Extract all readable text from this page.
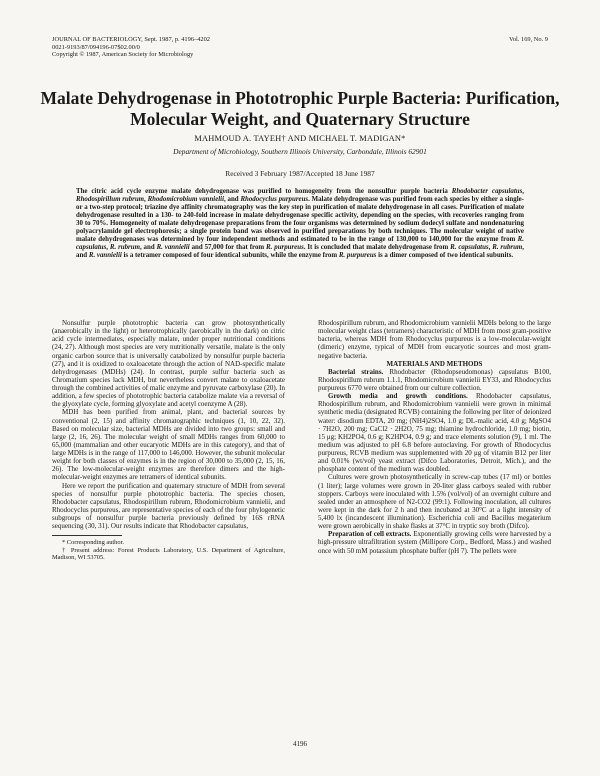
JOURNAL OF BACTERIOLOGY, Sept. 1987, p. 4196–4202
0021-9193/87/094196-07$02.00/0
Copyright © 1987, American Society for Microbiology
Vol. 169, No. 9
Malate Dehydrogenase in Phototrophic Purple Bacteria: Purification,
Molecular Weight, and Quaternary Structure
MAHMOUD A. TAYEH† AND MICHAEL T. MADIGAN*
Department of Microbiology, Southern Illinois University, Carbondale, Illinois 62901
Received 3 February 1987/Accepted 18 June 1987
The citric acid cycle enzyme malate dehydrogenase was purified to homogeneity from the nonsulfur purple bacteria Rhodobacter capsulatus, Rhodospirillum rubrum, Rhodomicrobium vannielii, and Rhodocyclus purpureus. Malate dehydrogenase was purified from each species by either a single- or a two-step protocol; triazine dye affinity chromatography was the key step in purification of malate dehydrogenase in all cases. Purification of malate dehydrogenase resulted in a 130- to 240-fold increase in malate dehydrogenase specific activity, depending on the species, with recoveries ranging from 30 to 70%. Homogeneity of malate dehydrogenase preparations from the four organisms was determined by sodium dodecyl sulfate and nondenaturing polyacrylamide gel electrophoresis; a single protein band was observed in purified preparations by both techniques. The molecular weight of native malate dehydrogenases was determined by four independent methods and estimated to be in the range of 130,000 to 140,000 for the enzyme from R. capsulatus, R. rubrum, and R. vannielii and 57,000 for that from R. purpureus. It is concluded that malate dehydrogenase from R. capsulatus, R. rubrum, and R. vannielii is a tetramer composed of four identical subunits, while the enzyme from R. purpureus is a dimer composed of two identical subunits.

Nonsulfur purple phototrophic bacteria can grow photosynthetically (anaerobically in the light) or heterotrophically (aerobically in the dark) on citric acid cycle intermediates, especially malate, under proper nutritional conditions (24, 27). Although most species are very nutritionally versatile, malate is the only organic carbon source that is universally catabolized by nonsulfur purple bacteria (27), and it is oxidized to oxaloacetate through the action of NAD-specific malate dehydrogenases (MDHs) (24). In contrast, purple sulfur bacteria such as Chromatium species lack MDH, but nevertheless convert malate to oxaloacetate through the combined activities of malic enzyme and pyruvate carboxylase (20). In addition, a few species of phototrophic bacteria catabolize malate via a reversal of the glyoxylate cycle, forming glyoxylate and acetyl coenzyme A (28).

MDH has been purified from animal, plant, and bacterial sources by conventional (2, 15) and affinity chromatographic techniques (1, 10, 22, 32). Based on molecular size, bacterial MDHs are divided into two groups: small and large (2, 16, 26). The molecular weight of small MDHs ranges from 60,000 to 65,000 (mammalian and other eucaryotic MDHs are in this category), and that of large MDHs is in the range of 117,000 to 146,000. However, the subunit molecular weight for both classes of enzymes is in the region of 30,000 to 35,000 (2, 15, 16, 26). The low-molecular-weight enzymes are therefore dimers and the high-molecular-weight enzymes are tetramers of identical subunits.

Here we report the purification and quaternary structure of MDH from several species of nonsulfur purple phototrophic bacteria. The species chosen, Rhodobacter capsulatus, Rhodospirillum rubrum, Rhodomicrobium vannielii, and Rhodocyclus purpureus, are representative species of each of the four phylogenetic subgroups of nonsulfur purple bacteria previously defined by 16S rRNA sequencing (30, 31). Our results indicate that Rhodobacter capsulatus,

* Corresponding author.

† Present address: Forest Products Laboratory, U.S. Department of Agriculture, Madison, WI 53705.

Rhodospirillum rubrum, and Rhodomicrobium vannielii MDHs belong to the large molecular weight class (tetramers) characteristic of MDH from most gram-positive bacteria, whereas MDH from Rhodocyclus purpureus is a low-molecular-weight (dimeric) enzyme, typical of MDH from eucaryotic sources and most gram-negative bacteria.

MATERIALS AND METHODS

Bacterial strains. Rhodobacter (Rhodopseudomonas) capsulatus B100, Rhodospirillum rubrum 1.1.1, Rhodomicrobium vannielii EY33, and Rhodocyclus purpureus 6770 were obtained from our culture collection.

Growth media and growth conditions. Rhodobacter capsulatus, Rhodospirillum rubrum, and Rhodomicrobium vannielii were grown in minimal synthetic media (designated RCVB) containing the following per liter of deionized water: disodium EDTA, 20 mg; (NH4)2SO4, 1.0 g; DL-malic acid, 4.0 g; MgSO4 · 7H2O, 200 mg; CaCl2 · 2H2O, 75 mg; thiamine hydrochloride, 1.0 mg; biotin, 15 μg; KH2PO4, 0.6 g; K2HPO4, 0.9 g; and trace elements solution (9), 1 ml. The medium was adjusted to pH 6.8 before autoclaving. For growth of Rhodocyclus purpureus, RCVB medium was supplemented with 20 μg of vitamin B12 per liter and 0.01% (wt/vol) yeast extract (Difco Laboratories, Detroit, Mich.), and the phosphate content of the medium was doubled.

Cultures were grown photosynthetically in screw-cap tubes (17 ml) or bottles (1 liter); large volumes were grown in 20-liter glass carboys sealed with rubber stoppers. Carboys were inoculated with 1.5% (vol/vol) of an overnight culture and sealed under an atmosphere of N2-CO2 (99:1). Following inoculation, all cultures were kept in the dark for 2 h and then incubated at 30°C at a light intensity of 5,400 lx (incandescent illumination). Escherichia coli and Bacillus megaterium were grown aerobically in shake flasks at 37°C in tryptic soy broth (Difco).

Preparation of cell extracts. Exponentially growing cells were harvested by a high-pressure ultrafiltration system (Millipore Corp., Bedford, Mass.) and washed once with 50 mM potassium phosphate buffer (pH 7). The pellets were

4196
